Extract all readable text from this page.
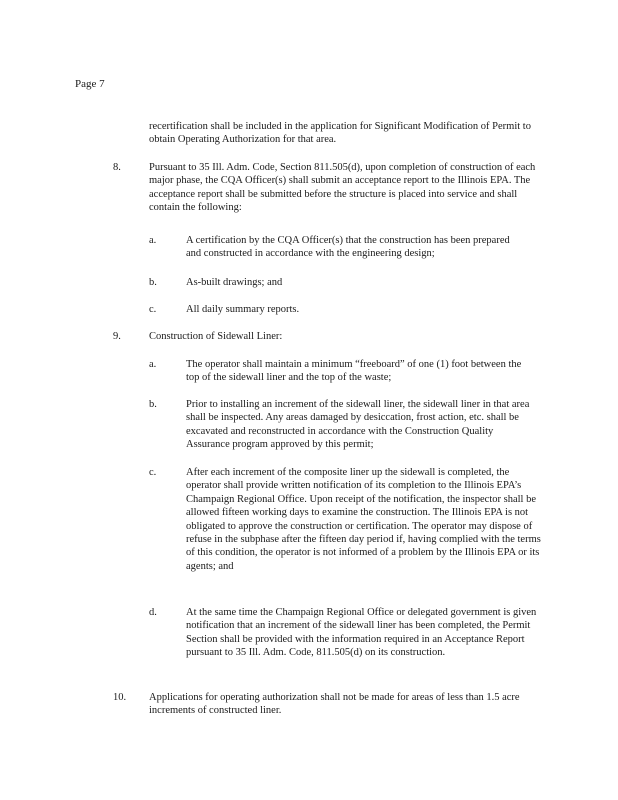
Page 7

recertification shall be included in the application for Significant Modification of Permit to obtain Operating Authorization for that area.

8.	Pursuant to 35 Ill. Adm. Code, Section 811.505(d), upon completion of construction of each major phase, the CQA Officer(s) shall submit an acceptance report to the Illinois EPA. The acceptance report shall be submitted before the structure is placed into service and shall contain the following:

a.	A certification by the CQA Officer(s) that the construction has been prepared and constructed in accordance with the engineering design;

b.	As-built drawings; and

c.	All daily summary reports.

9.	Construction of Sidewall Liner:

a.	The operator shall maintain a minimum “freeboard” of one (1) foot between the top of the sidewall liner and the top of the waste;

b.	Prior to installing an increment of the sidewall liner, the sidewall liner in that area shall be inspected. Any areas damaged by desiccation, frost action, etc. shall be excavated and reconstructed in accordance with the Construction Quality Assurance program approved by this permit;

c.	After each increment of the composite liner up the sidewall is completed, the operator shall provide written notification of its completion to the Illinois EPA’s Champaign Regional Office. Upon receipt of the notification, the inspector shall be allowed fifteen working days to examine the construction. The Illinois EPA is not obligated to approve the construction or certification. The operator may dispose of refuse in the subphase after the fifteen day period if, having complied with the terms of this condition, the operator is not informed of a problem by the Illinois EPA or its agents; and

d.	At the same time the Champaign Regional Office or delegated government is given notification that an increment of the sidewall liner has been completed, the Permit Section shall be provided with the information required in an Acceptance Report pursuant to 35 Ill. Adm. Code, 811.505(d) on its construction.

10.	Applications for operating authorization shall not be made for areas of less than 1.5 acre increments of constructed liner.
